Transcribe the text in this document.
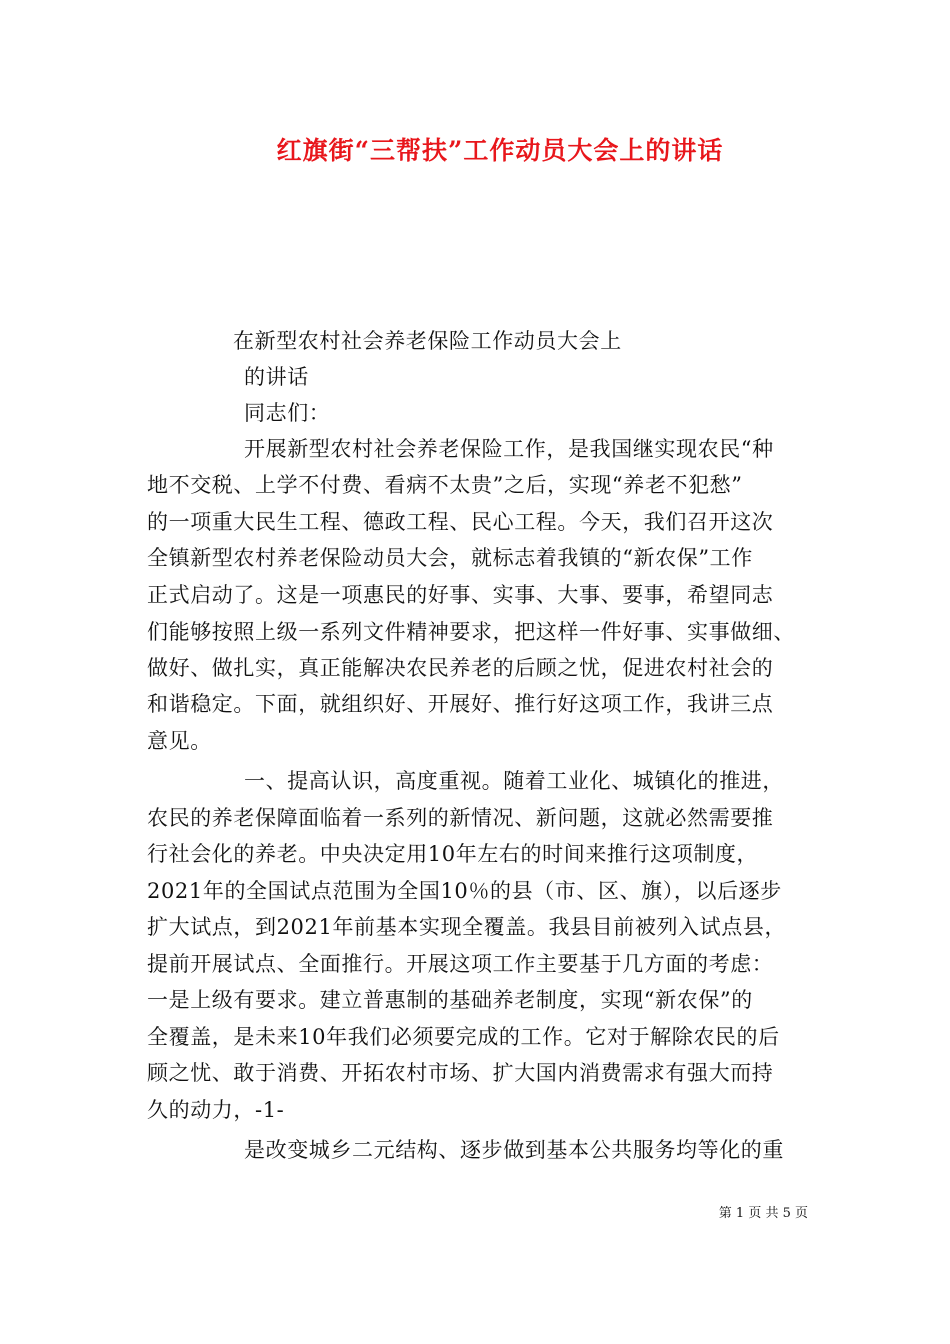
红旗街“三帮扶”工作动员大会上的讲话
在新型农村社会养老保险工作动员大会上
的讲话
同志们：
开展新型农村社会养老保险工作，是我国继实现农民“种
地不交税、上学不付费、看病不太贵”之后，实现“养老不犯愁”
的一项重大民生工程、德政工程、民心工程。今天，我们召开这次
全镇新型农村养老保险动员大会，就标志着我镇的“新农保”工作
正式启动了。这是一项惠民的好事、实事、大事、要事，希望同志
们能够按照上级一系列文件精神要求，把这样一件好事、实事做细、
做好、做扎实，真正能解决农民养老的后顾之忧，促进农村社会的
和谐稳定。下面，就组织好、开展好、推行好这项工作，我讲三点
意见。
一、提高认识，高度重视。随着工业化、城镇化的推进，
农民的养老保障面临着一系列的新情况、新问题，这就必然需要推
行社会化的养老。中央决定用10年左右的时间来推行这项制度，
2021年的全国试点范围为全国10％的县（市、区、旗），以后逐步
扩大试点，到2021年前基本实现全覆盖。我县目前被列入试点县，
提前开展试点、全面推行。开展这项工作主要基于几方面的考虑：
一是上级有要求。建立普惠制的基础养老制度，实现“新农保”的
全覆盖，是未来10年我们必须要完成的工作。它对于解除农民的后
顾之忧、敢于消费、开拓农村市场、扩大国内消费需求有强大而持
久的动力，-1-
是改变城乡二元结构、逐步做到基本公共服务均等化的重
第 1 页 共 5 页
